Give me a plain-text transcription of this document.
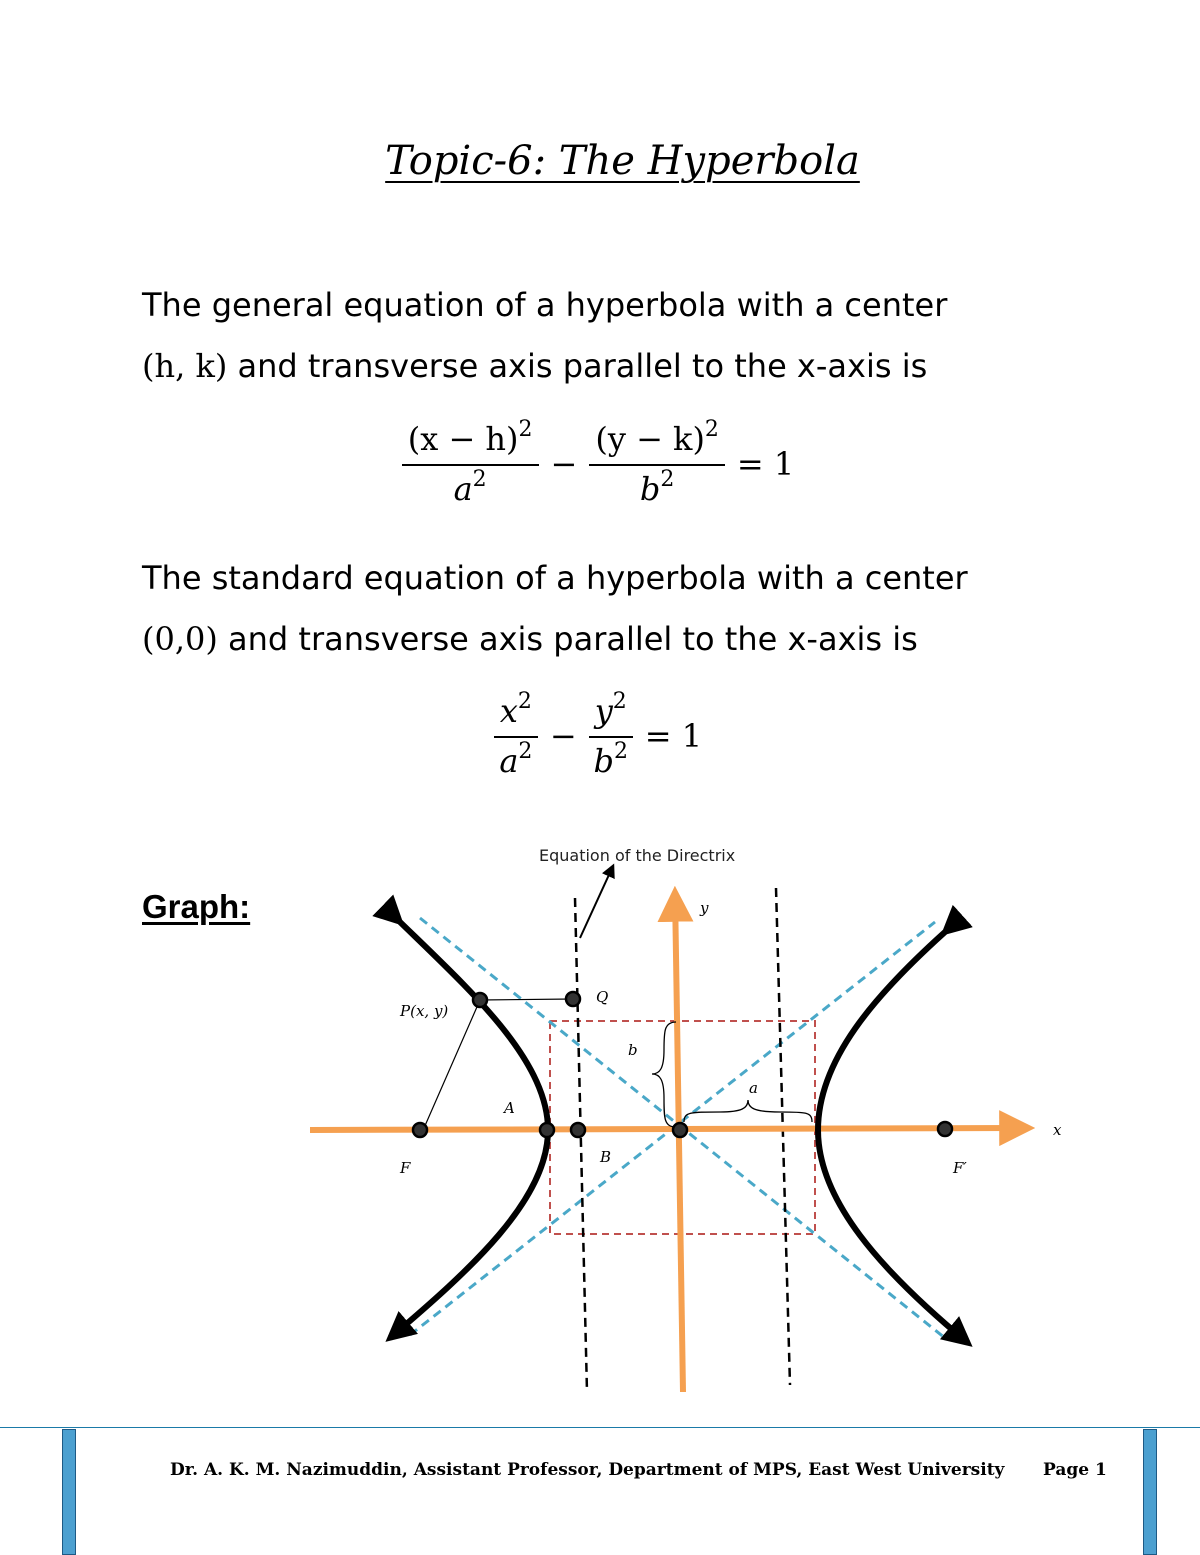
Topic-6: The Hyperbola
The general equation of a hyperbola with a center
(h, k) and transverse axis parallel to the x-axis is
$\frac{(x - h)^2}{a^2} - \frac{(y - k)^2}{b^2} = 1$
The standard equation of a hyperbola with a center
(0,0) and transverse axis parallel to the x-axis is
$\frac{x^2}{a^2} - \frac{y^2}{b^2} = 1$
Graph:	y
x
P(x, y)
Q
b
a
A
F
B
F′
Equation of the Directrix
Dr. A. K. M. Nazimuddin, Assistant Professor, Department of MPS, East West University Page 1
